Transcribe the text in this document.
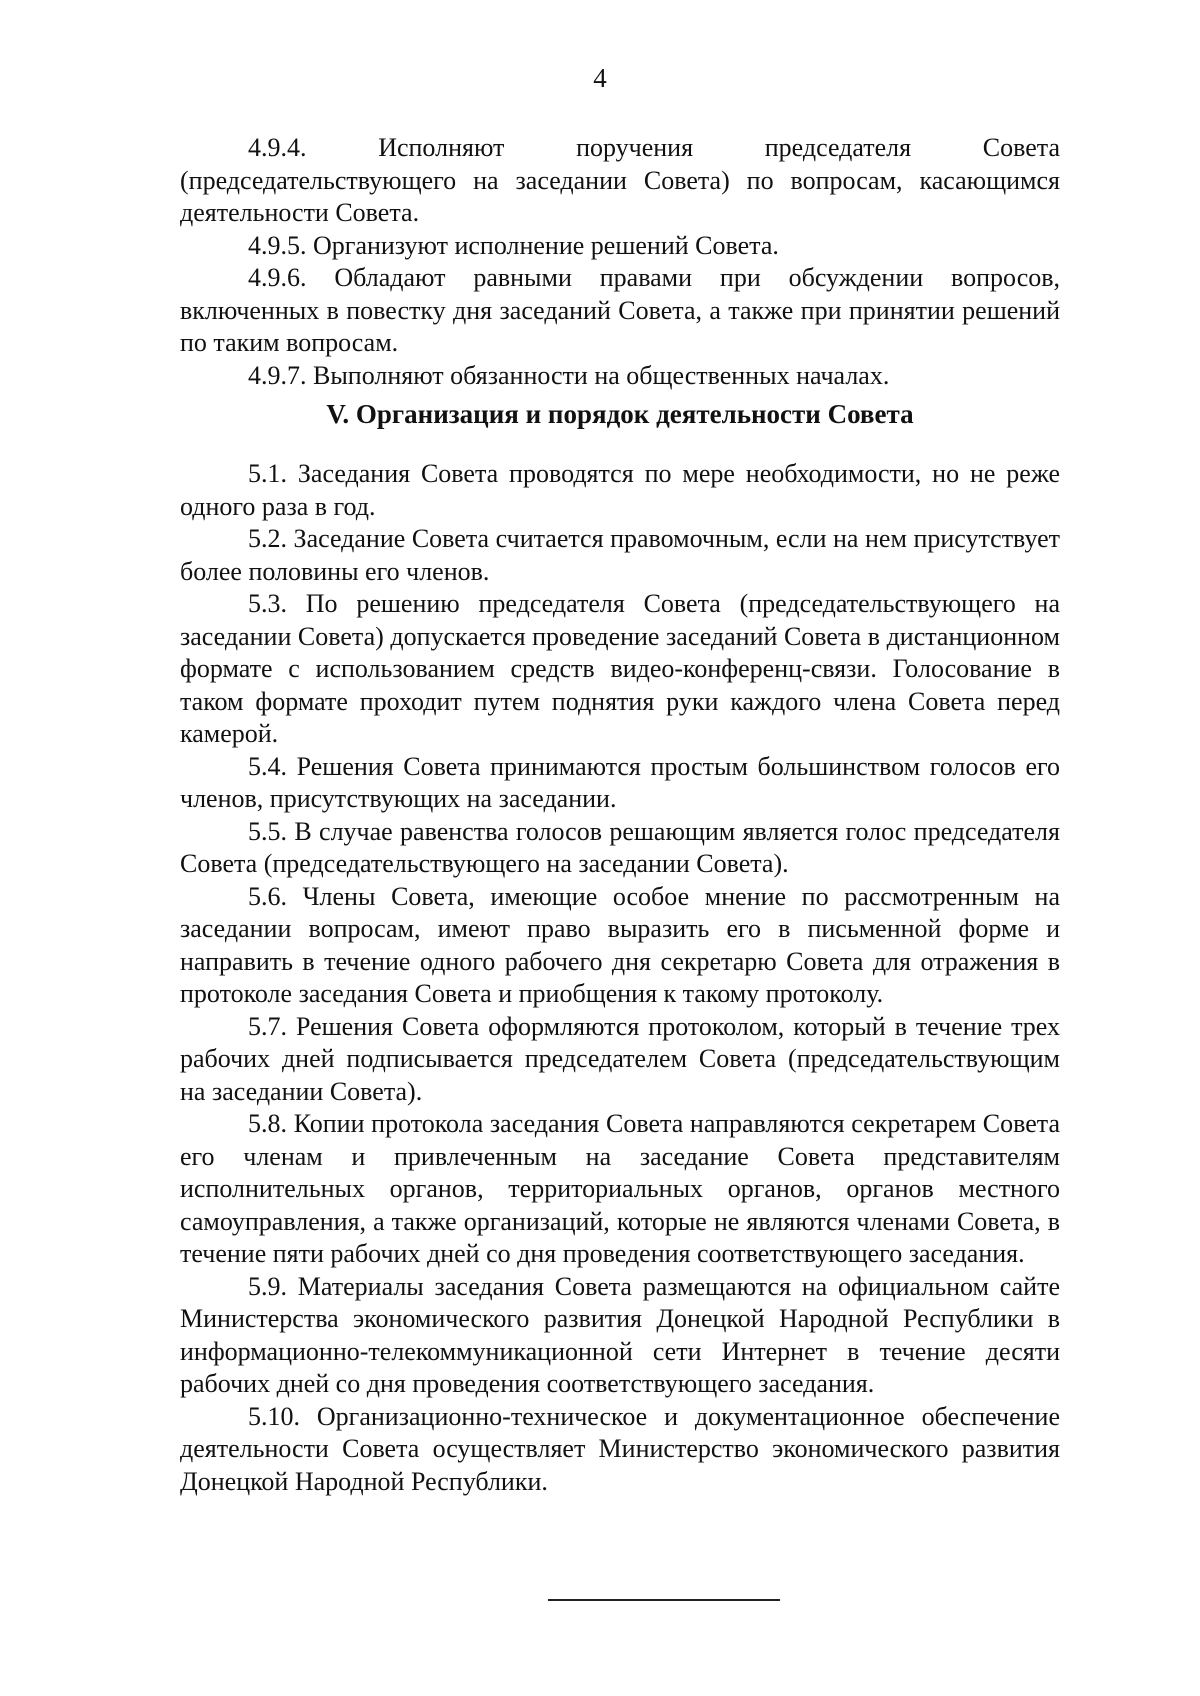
4

4.9.4.	Исполняют поручения председателя Совета (председательствующего на заседании Совета) по вопросам, касающимся деятельности Совета.

4.9.5. Организуют исполнение решений Совета.

4.9.6. Обладают равными правами при обсуждении вопросов, включенных в повестку дня заседаний Совета, а также при принятии решений по таким вопросам.

4.9.7. Выполняют обязанности на общественных началах.

V. Организация и порядок деятельности Совета

5.1. Заседания Совета проводятся по мере необходимости, но не реже одного раза в год.

5.2. Заседание Совета считается правомочным, если на нем присутствует более половины его членов.

5.3. По решению председателя Совета (председательствующего на заседании Совета) допускается проведение заседаний Совета в дистанционном формате с использованием средств видео-конференц-связи. Голосование в таком формате проходит путем поднятия руки каждого члена Совета перед камерой.

5.4. Решения Совета принимаются простым большинством голосов его членов, присутствующих на заседании.

5.5. В случае равенства голосов решающим является голос председателя Совета (председательствующего на заседании Совета).

5.6. Члены Совета, имеющие особое мнение по рассмотренным на заседании вопросам, имеют право выразить его в письменной форме и направить в течение одного рабочего дня секретарю Совета для отражения в протоколе заседания Совета и приобщения к такому протоколу.

5.7. Решения Совета оформляются протоколом, который в течение трех рабочих дней подписывается председателем Совета (председательствующим на заседании Совета).

5.8. Копии протокола заседания Совета направляются секретарем Совета его членам и привлеченным на заседание Совета представителям исполнительных органов, территориальных органов, органов местного самоуправления, а также организаций, которые не являются членами Совета, в течение пяти рабочих дней со дня проведения соответствующего заседания.

5.9. Материалы заседания Совета размещаются на официальном сайте Министерства экономического развития Донецкой Народной Республики в информационно-телекоммуникационной сети Интернет в течение десяти рабочих дней со дня проведения соответствующего заседания.

5.10. Организационно-техническое и документационное обеспечение деятельности Совета осуществляет Министерство экономического развития Донецкой Народной Республики.
